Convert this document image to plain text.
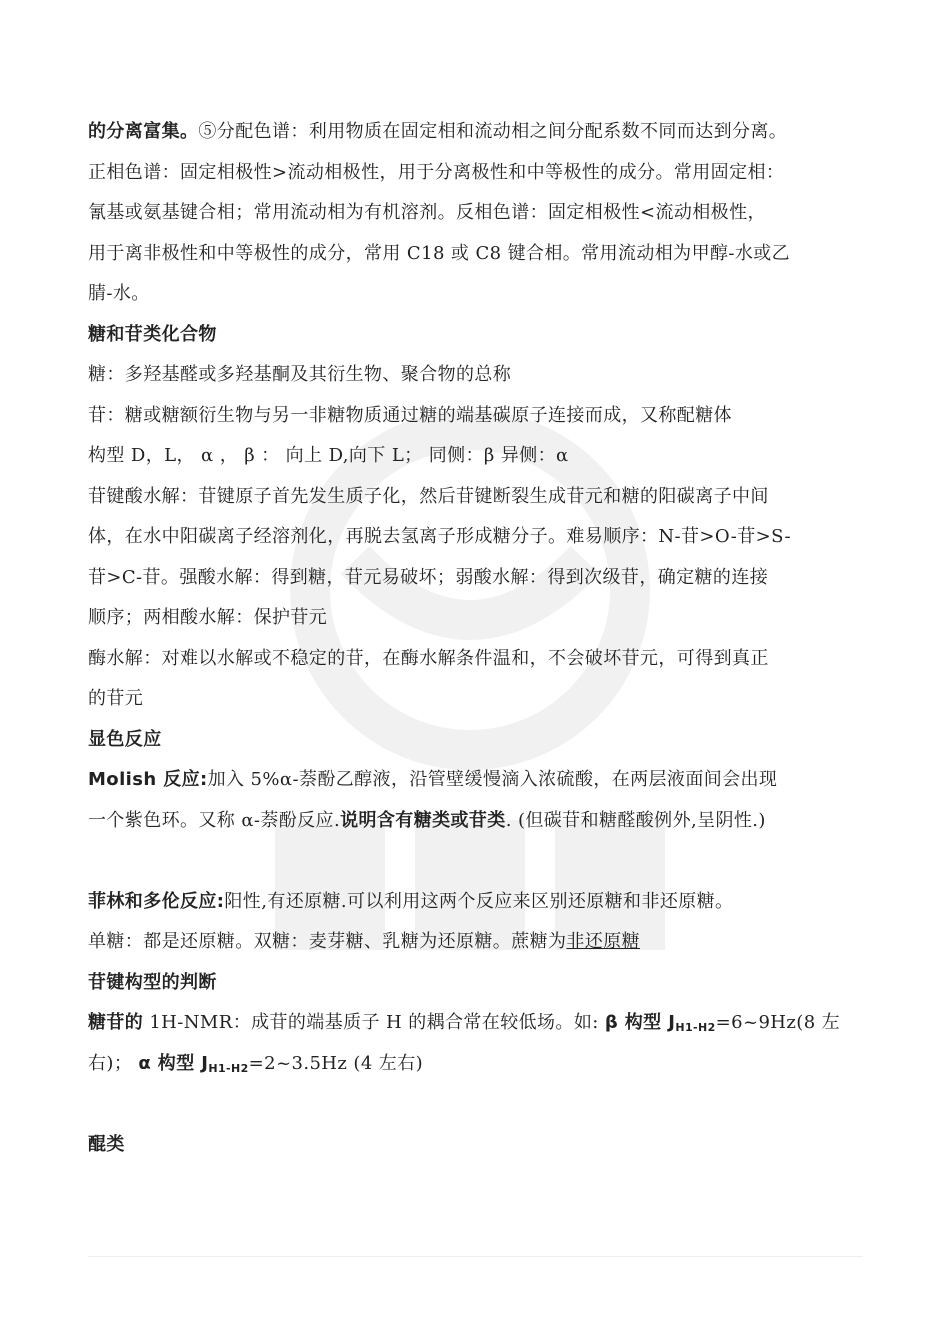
的分离富集。⑤分配色谱：利用物质在固定相和流动相之间分配系数不同而达到分离。
正相色谱：固定相极性>流动相极性，用于分离极性和中等极性的成分。常用固定相：
氰基或氨基键合相；常用流动相为有机溶剂。反相色谱：固定相极性<流动相极性，
用于离非极性和中等极性的成分，常用 C18 或 C8 键合相。常用流动相为甲醇-水或乙
腈-水。
糖和苷类化合物
糖：多羟基醛或多羟基酮及其衍生物、聚合物的总称
苷：糖或糖额衍生物与另一非糖物质通过糖的端基碳原子连接而成，又称配糖体
构型 D，L， α ， β ： 向上 D,向下 L； 同侧：β 异侧：α
苷键酸水解：苷键原子首先发生质子化，然后苷键断裂生成苷元和糖的阳碳离子中间
体，在水中阳碳离子经溶剂化，再脱去氢离子形成糖分子。难易顺序：N-苷>O-苷>S-
苷>C-苷。强酸水解：得到糖，苷元易破坏；弱酸水解：得到次级苷，确定糖的连接
顺序；两相酸水解：保护苷元
酶水解：对难以水解或不稳定的苷，在酶水解条件温和，不会破坏苷元，可得到真正
的苷元
显色反应
Molish 反应:加入 5%α-萘酚乙醇液，沿管壁缓慢滴入浓硫酸，在两层液面间会出现
一个紫色环。又称 α-萘酚反应.说明含有糖类或苷类. (但碳苷和糖醛酸例外,呈阴性.)
菲林和多伦反应:阳性,有还原糖.可以利用这两个反应来区别还原糖和非还原糖。
单糖：都是还原糖。双糖：麦芽糖、乳糖为还原糖。蔗糖为非还原糖
苷键构型的判断
糖苷的 1H-NMR：成苷的端基质子 H 的耦合常在较低场。如: β 构型 $J_{H1-H2}=6\sim 9Hz(8$ 左
右)； α 构型 $J_{H1-H2}=2\sim 3.5Hz$ (4 左右)
醌类
